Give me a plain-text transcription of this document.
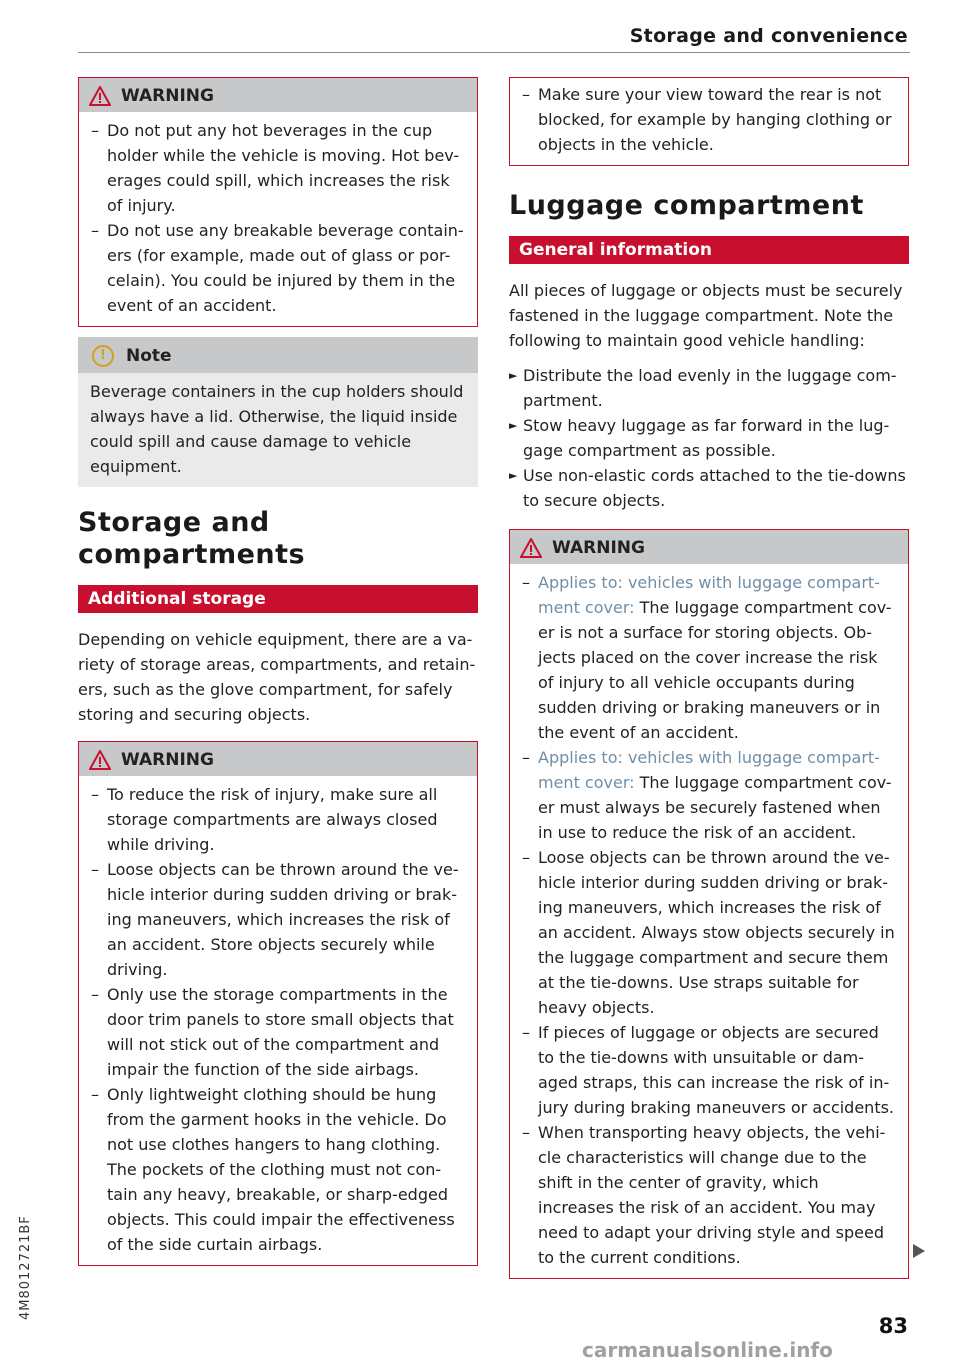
Storage and convenience
4M8012721BF
WARNING
– Do not put any hot beverages in the cup holder while the vehicle is moving. Hot bev-erages could spill, which increases the risk of injury.
– Do not use any breakable beverage contain-ers (for example, made out of glass or por-celain). You could be injured by them in the event of an accident.
!	Note
Beverage containers in the cup holders should always have a lid. Otherwise, the liquid inside could spill and cause damage to vehicle equipment.
Storage and compartments
Additional storage

Depending on vehicle equipment, there are a va-riety of storage areas, compartments, and retain-ers, such as the glove compartment, for safely storing and securing objects.

WARNING
– To reduce the risk of injury, make sure all storage compartments are always closed while driving.
– Loose objects can be thrown around the ve-hicle interior during sudden driving or brak-ing maneuvers, which increases the risk of an accident. Store objects securely while driving.
– Only use the storage compartments in the door trim panels to store small objects that will not stick out of the compartment and impair the function of the side airbags.
– Only lightweight clothing should be hung from the garment hooks in the vehicle. Do not use clothes hangers to hang clothing. The pockets of the clothing must not con-tain any heavy, breakable, or sharp-edged objects. This could impair the effectiveness of the side curtain airbags.
– Make sure your view toward the rear is not blocked, for example by hanging clothing or objects in the vehicle.
Luggage compartment
General information

All pieces of luggage or objects must be securely fastened in the luggage compartment. Note the following to maintain good vehicle handling:

► Distribute the load evenly in the luggage com-partment.
► Stow heavy luggage as far forward in the lug-gage compartment as possible.
► Use non-elastic cords attached to the tie-downs to secure objects.
WARNING
– Applies to: vehicles with luggage compart-ment cover: The luggage compartment cov-er is not a surface for storing objects. Ob-jects placed on the cover increase the risk of injury to all vehicle occupants during sudden driving or braking maneuvers or in the event of an accident.
– Applies to: vehicles with luggage compart-ment cover: The luggage compartment cov-er must always be securely fastened when in use to reduce the risk of an accident.
– Loose objects can be thrown around the ve-hicle interior during sudden driving or brak-ing maneuvers, which increases the risk of an accident. Always stow objects securely in the luggage compartment and secure them at the tie-downs. Use straps suitable for heavy objects.
– If pieces of luggage or objects are secured to the tie-downs with unsuitable or dam-aged straps, this can increase the risk of in-jury during braking maneuvers or accidents.
– When transporting heavy objects, the vehi-cle characteristics will change due to the shift in the center of gravity, which increases the risk of an accident. You may need to adapt your driving style and speed to the current conditions.
83
carmanualsonline.info
